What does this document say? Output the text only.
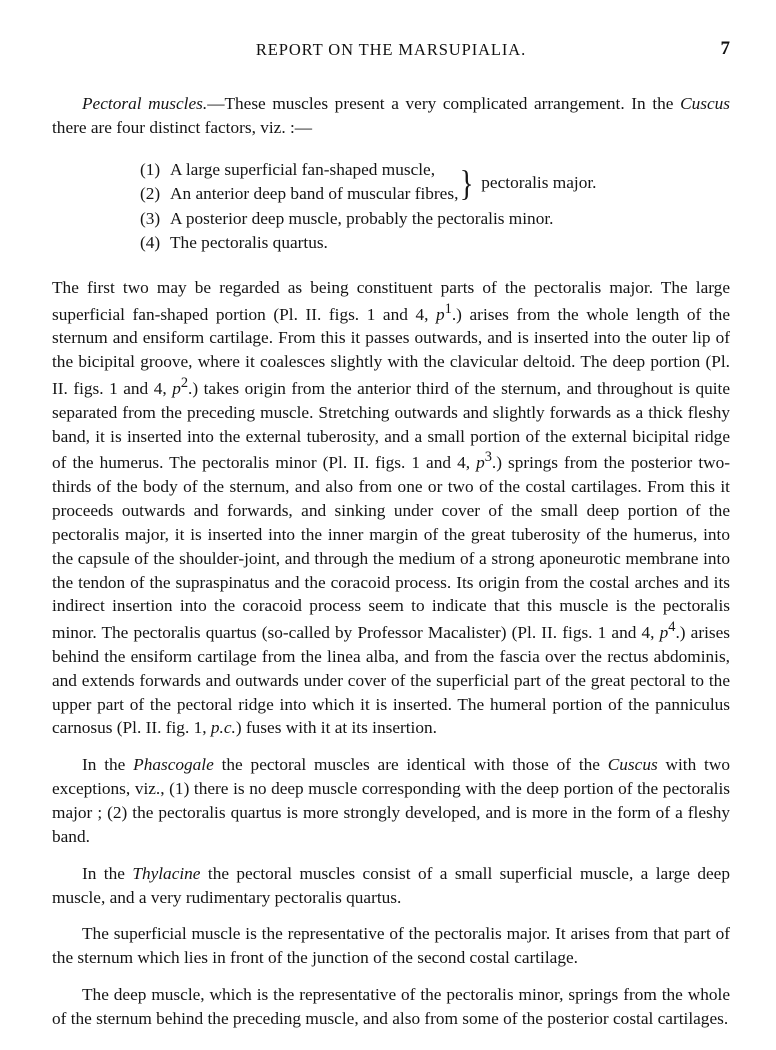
REPORT ON THE MARSUPIALIA.	7

Pectoral muscles.—These muscles present a very complicated arrangement. In the Cuscus there are four distinct factors, viz. :—

(1) A large superficial fan-shaped muscle,
(2) An anterior deep band of muscular fibres,
(3) A posterior deep muscle, probably the pectoralis minor.
(4) The pectoralis quartus.
} pectoralis major.

The first two may be regarded as being constituent parts of the pectoralis major. The large superficial fan-shaped portion (Pl. II. figs. 1 and 4, $p^1$.) arises from the whole length of the sternum and ensiform cartilage. From this it passes outwards, and is inserted into the outer lip of the bicipital groove, where it coalesces slightly with the clavicular deltoid. The deep portion (Pl. II. figs. 1 and 4, $p^2$.) takes origin from the anterior third of the sternum, and throughout is quite separated from the preceding muscle. Stretching outwards and slightly forwards as a thick fleshy band, it is inserted into the external tuberosity, and a small portion of the external bicipital ridge of the humerus. The pectoralis minor (Pl. II. figs. 1 and 4, $p^3$.) springs from the posterior two-thirds of the body of the sternum, and also from one or two of the costal cartilages. From this it proceeds outwards and forwards, and sinking under cover of the small deep portion of the pectoralis major, it is inserted into the inner margin of the great tuberosity of the humerus, into the capsule of the shoulder-joint, and through the medium of a strong aponeurotic membrane into the tendon of the supraspinatus and the coracoid process. Its origin from the costal arches and its indirect insertion into the coracoid process seem to indicate that this muscle is the pectoralis minor. The pectoralis quartus (so-called by Professor Macalister) (Pl. II. figs. 1 and 4, $p^4$.) arises behind the ensiform cartilage from the linea alba, and from the fascia over the rectus abdominis, and extends forwards and outwards under cover of the superficial part of the great pectoral to the upper part of the pectoral ridge into which it is inserted. The humeral portion of the panniculus carnosus (Pl. II. fig. 1, p.c.) fuses with it at its insertion.

In the Phascogale the pectoral muscles are identical with those of the Cuscus with two exceptions, viz., (1) there is no deep muscle corresponding with the deep portion of the pectoralis major ; (2) the pectoralis quartus is more strongly developed, and is more in the form of a fleshy band.

In the Thylacine the pectoral muscles consist of a small superficial muscle, a large deep muscle, and a very rudimentary pectoralis quartus.

The superficial muscle is the representative of the pectoralis major. It arises from that part of the sternum which lies in front of the junction of the second costal cartilage.

The deep muscle, which is the representative of the pectoralis minor, springs from the whole of the sternum behind the preceding muscle, and also from some of the posterior costal cartilages.
